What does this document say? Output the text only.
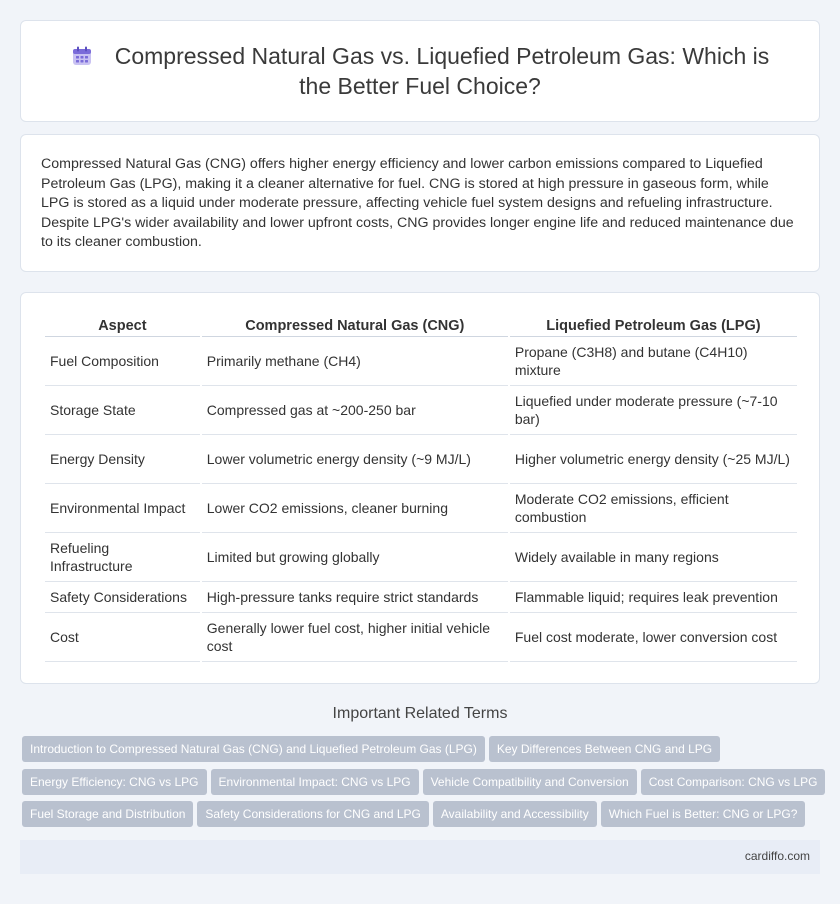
Compressed Natural Gas vs. Liquefied Petroleum Gas: Which is the Better Fuel Choice?

Compressed Natural Gas (CNG) offers higher energy efficiency and lower carbon emissions compared to Liquefied Petroleum Gas (LPG), making it a cleaner alternative for fuel. CNG is stored at high pressure in gaseous form, while LPG is stored as a liquid under moderate pressure, affecting vehicle fuel system designs and refueling infrastructure. Despite LPG's wider availability and lower upfront costs, CNG provides longer engine life and reduced maintenance due to its cleaner combustion.

Aspect	Compressed Natural Gas (CNG)	Liquefied Petroleum Gas (LPG)
Fuel Composition	Primarily methane (CH4)	Propane (C3H8) and butane (C4H10) mixture
Storage State	Compressed gas at ~200-250 bar	Liquefied under moderate pressure (~7-10 bar)
Energy Density	Lower volumetric energy density (~9 MJ/L)	Higher volumetric energy density (~25 MJ/L)
Environmental Impact	Lower CO2 emissions, cleaner burning	Moderate CO2 emissions, efficient combustion
Refueling Infrastructure	Limited but growing globally	Widely available in many regions
Safety Considerations	High-pressure tanks require strict standards	Flammable liquid; requires leak prevention
Cost	Generally lower fuel cost, higher initial vehicle cost	Fuel cost moderate, lower conversion cost
Important Related Terms
Introduction to Compressed Natural Gas (CNG) and Liquefied Petroleum Gas (LPG) Key Differences Between CNG and LPG
Energy Efficiency: CNG vs LPG Environmental Impact: CNG vs LPG Vehicle Compatibility and Conversion Cost Comparison: CNG vs LPG
Fuel Storage and Distribution Safety Considerations for CNG and LPG Availability and Accessibility Which Fuel is Better: CNG or LPG?
cardiffo.com
